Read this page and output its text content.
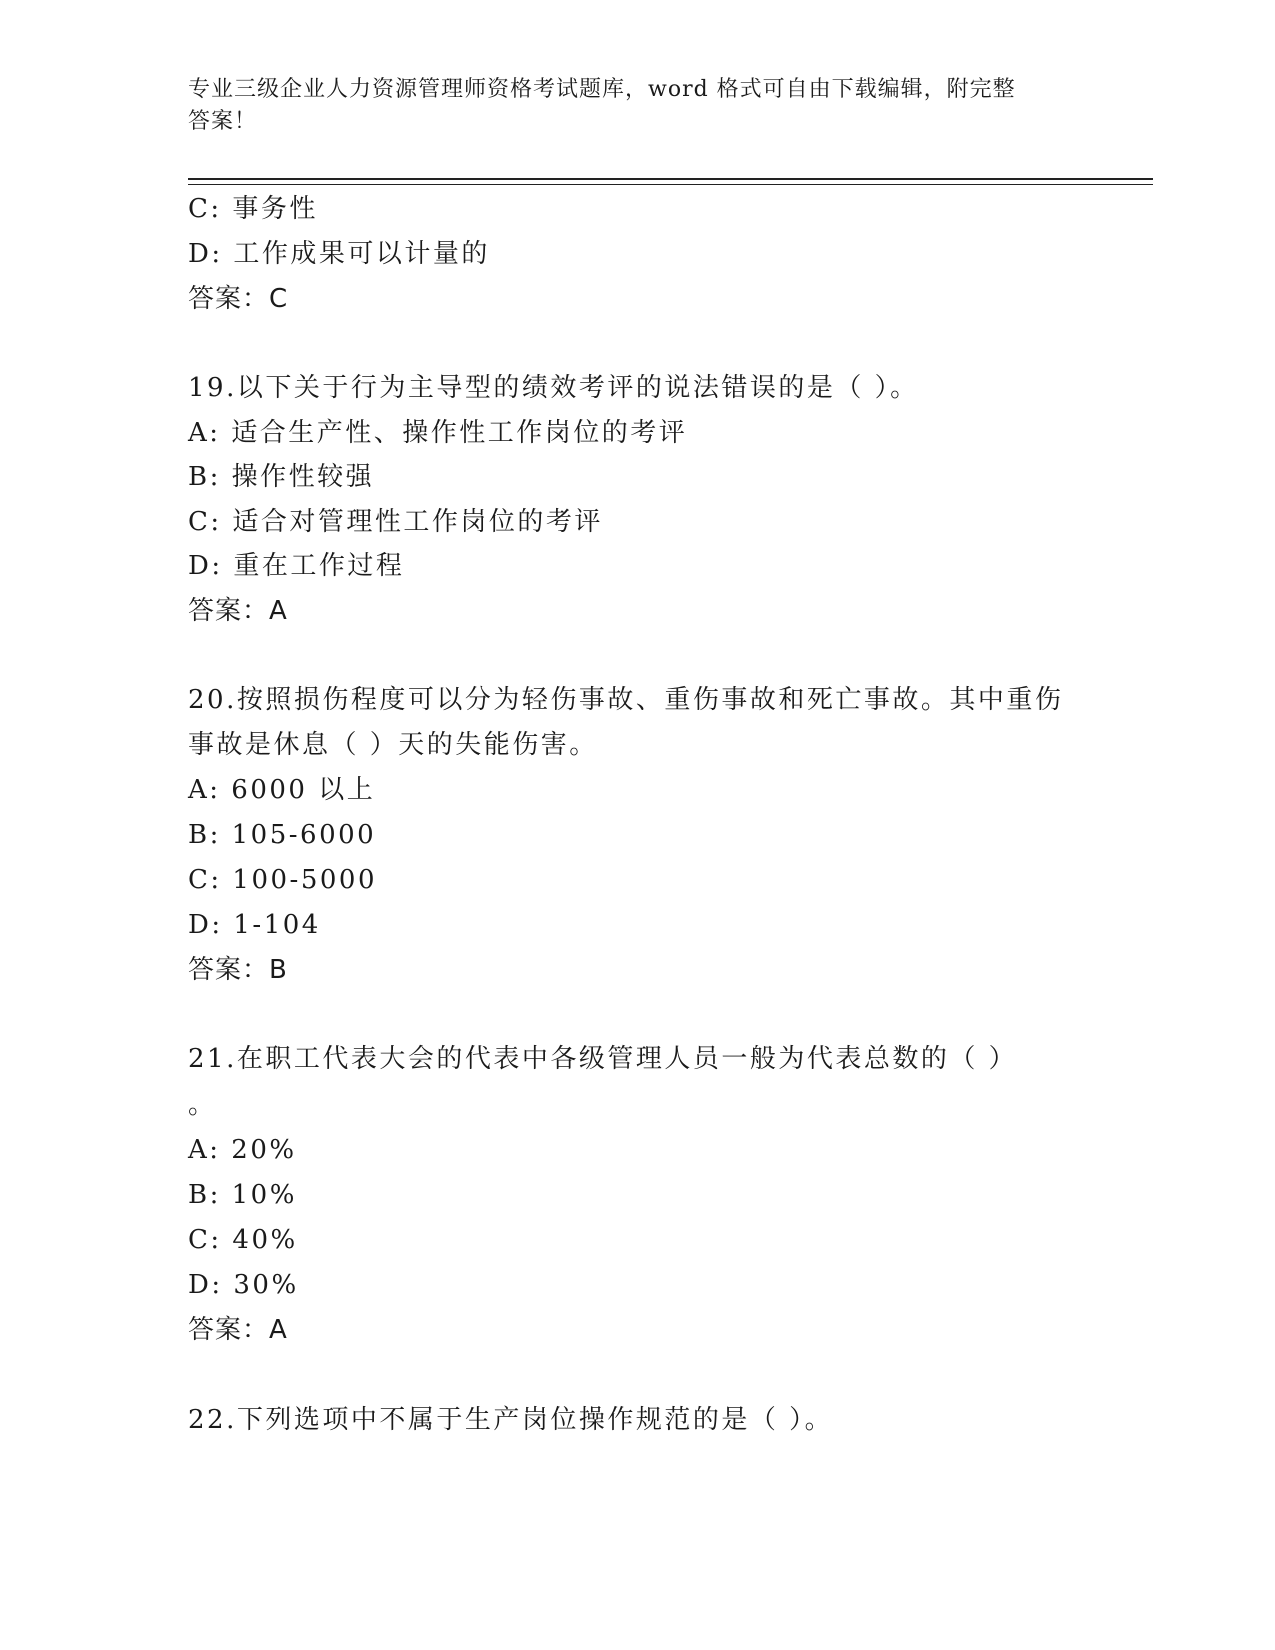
专业三级企业人力资源管理师资格考试题库，word 格式可自由下载编辑，附完整
答案！
C: 事务性
D: 工作成果可以计量的
答案：C
19.以下关于行为主导型的绩效考评的说法错误的是（ ）。
A: 适合生产性、操作性工作岗位的考评
B: 操作性较强
C: 适合对管理性工作岗位的考评
D: 重在工作过程
答案：A
20.按照损伤程度可以分为轻伤事故、重伤事故和死亡事故。其中重伤
事故是休息（ ）天的失能伤害。
A: 6000 以上
B: 105-6000
C: 100-5000
D: 1-104
答案：B
21.在职工代表大会的代表中各级管理人员一般为代表总数的（ ）
。
A: 20%
B: 10%
C: 40%
D: 30%
答案：A
22.下列选项中不属于生产岗位操作规范的是（ ）。
